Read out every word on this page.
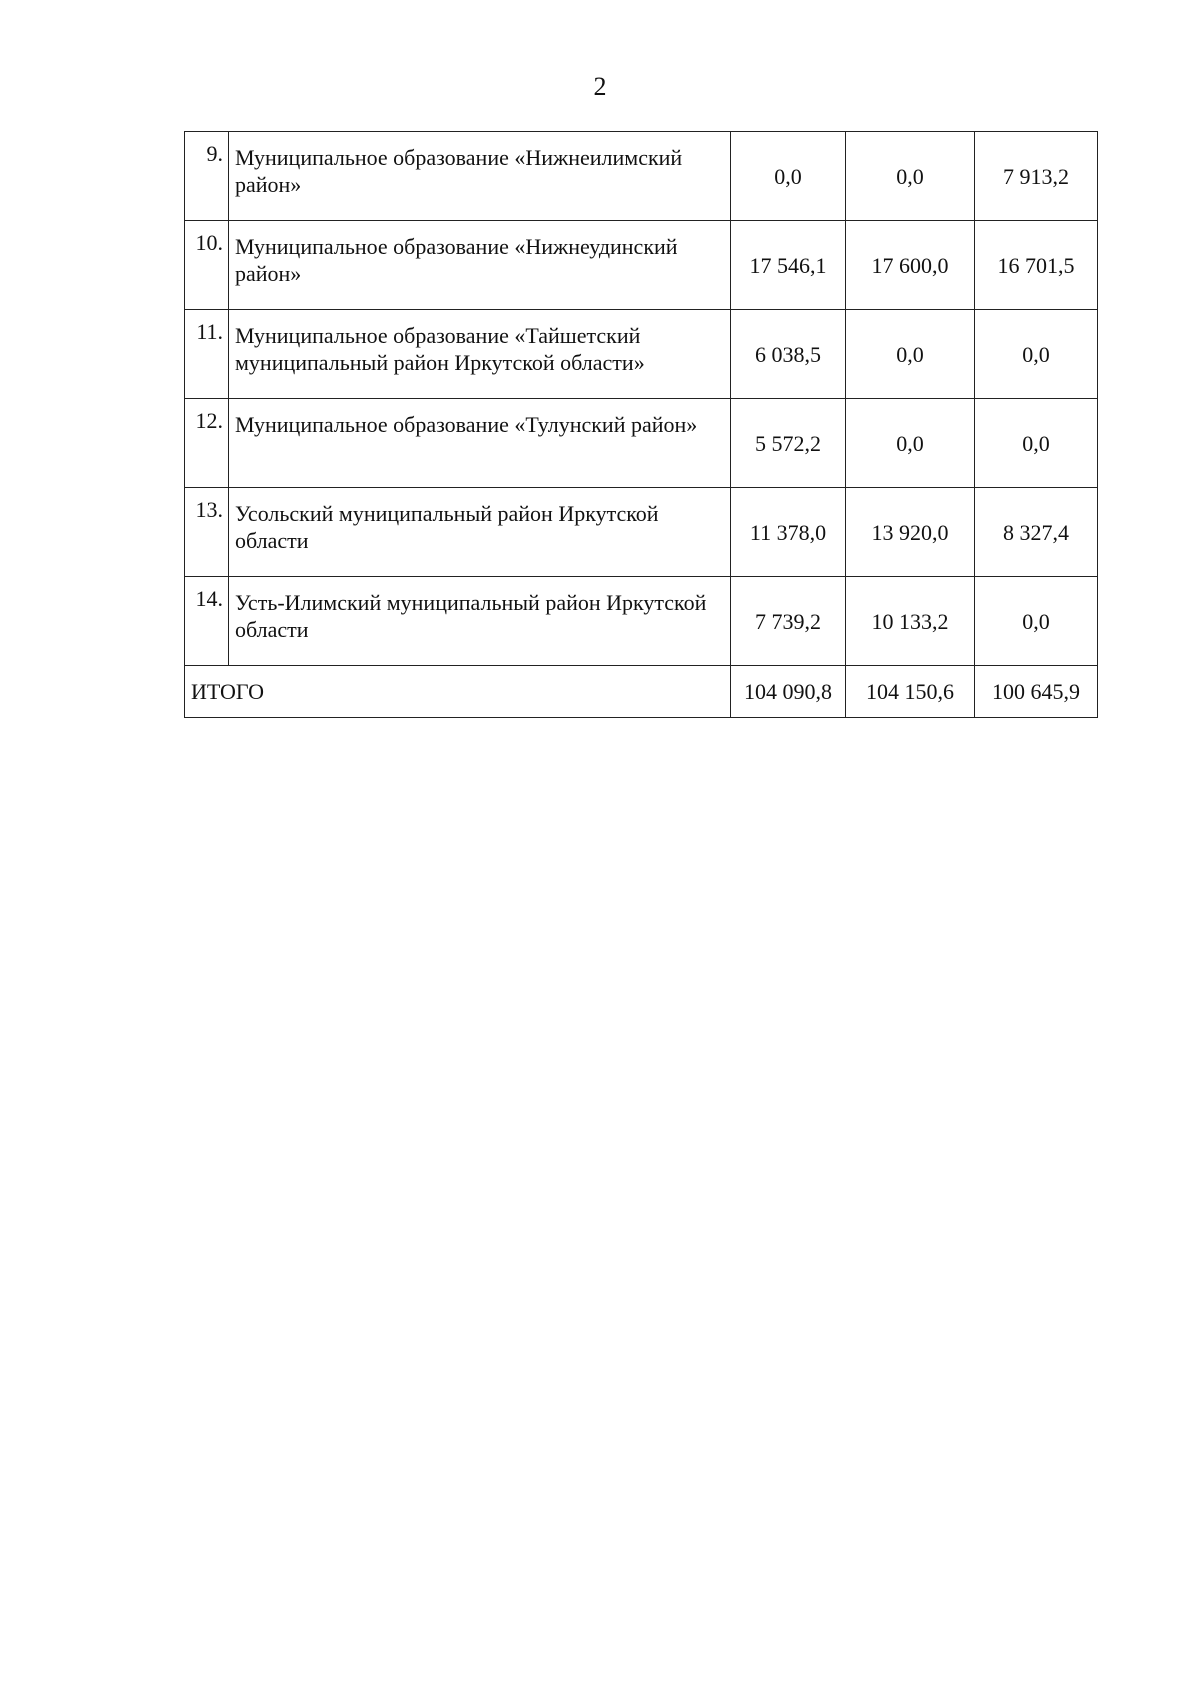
2
9.	Муниципальное образование «Нижнеилимский район»	0,0	0,0	7 913,2
10.	Муниципальное образование «Нижнеудинский район»	17 546,1	17 600,0	16 701,5
11.	Муниципальное образование «Тайшетский муниципальный район Иркутской области»	6 038,5	0,0	0,0
12.	Муниципальное образование «Тулунский район»	5 572,2	0,0	0,0
13.	Усольский муниципальный район Иркутской области	11 378,0	13 920,0	8 327,4
14.	Усть-Илимский муниципальный район Иркутской области	7 739,2	10 133,2	0,0
ИТОГО		104 090,8	104 150,6	100 645,9
